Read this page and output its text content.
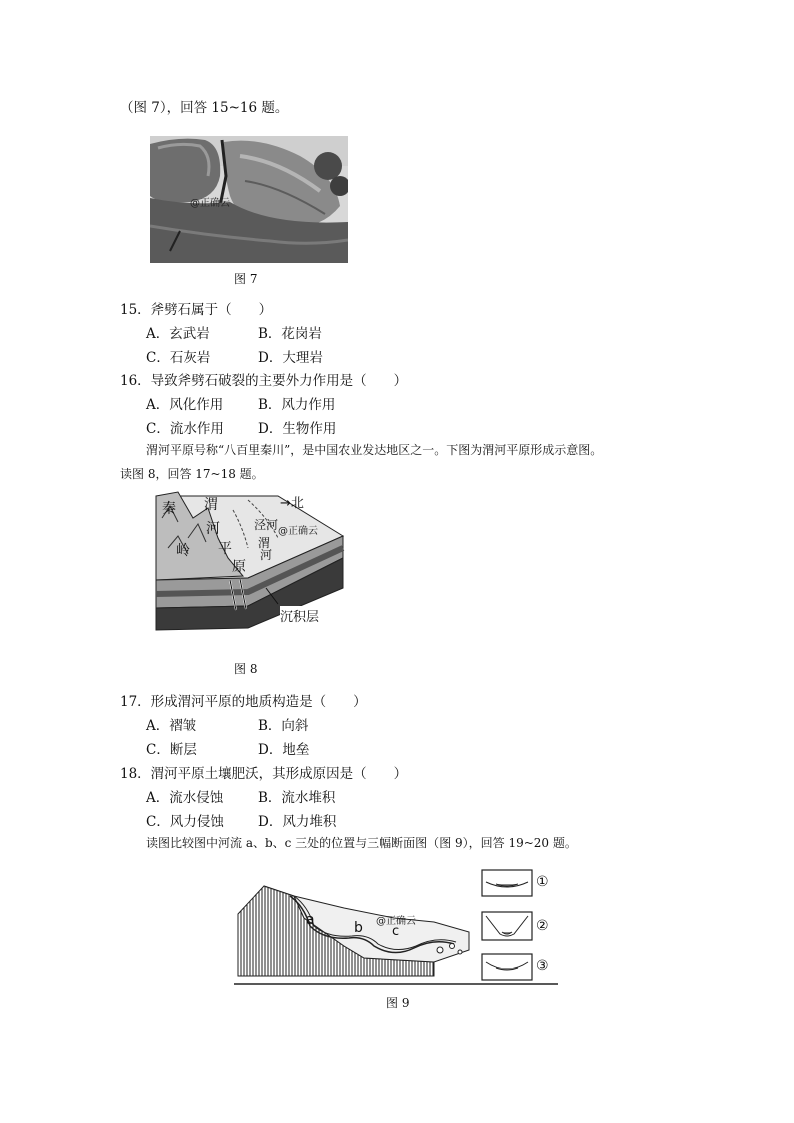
（图 7），回答 15~16 题。
@正确云
图 7
15．斧劈石属于（　　）
A．玄武岩	B．花岗岩
C．石灰岩	D．大理岩
16．导致斧劈石破裂的主要外力作用是（　　）
A．风化作用	B．风力作用
C．流水作用	D．生物作用
渭河平原号称“八百里秦川”，是中国农业发达地区之一。下图为渭河平原形成示意图。
读图 8，回答 17~18 题。
秦
岭
渭
河
平
原
泾河
渭
河
→北
@正确云
沉积层
图 8
17．形成渭河平原的地质构造是（　　）
A．褶皱	B．向斜
C．断层	D．地垒
18．渭河平原土壤肥沃，其形成原因是（　　）
A．流水侵蚀	B．流水堆积
C．风力侵蚀	D．风力堆积
读图比较图中河流 a、b、c 三处的位置与三幅断面图（图 9），回答 19~20 题。
a	b c
@正确云
①
②
③
图 9
